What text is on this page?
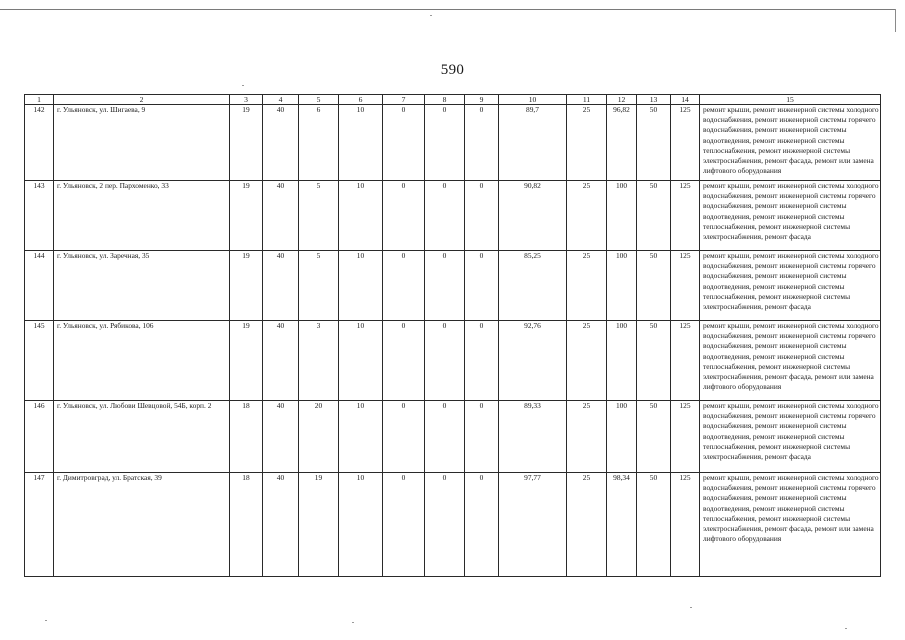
590
1	2	3	4	5	6	7	8	9	10	11	12	13	14	15
142	г. Ульяновск, ул. Шигаева, 9	19	40	6	10	0	0	0	89,7	25	96,82	50	125	ремонт крыши, ремонт инженерной системы холодного водоснабжения, ремонт инженерной системы горячего водоснабжения, ремонт инженерной системы водоотведения, ремонт инженерной системы теплоснабжения, ремонт инженерной системы электроснабжения, ремонт фасада, ремонт или замена лифтового оборудования
143	г. Ульяновск, 2 пер. Пархоменко, 33	19	40	5	10	0	0	0	90,82	25	100	50	125	ремонт крыши, ремонт инженерной системы холодного водоснабжения, ремонт инженерной системы горячего водоснабжения, ремонт инженерной системы водоотведения, ремонт инженерной системы теплоснабжения, ремонт инженерной системы электроснабжения, ремонт фасада
144	г. Ульяновск, ул. Заречная, 35	19	40	5	10	0	0	0	85,25	25	100	50	125	ремонт крыши, ремонт инженерной системы холодного водоснабжения, ремонт инженерной системы горячего водоснабжения, ремонт инженерной системы водоотведения, ремонт инженерной системы теплоснабжения, ремонт инженерной системы электроснабжения, ремонт фасада
145	г. Ульяновск, ул. Рябикова, 106	19	40	3	10	0	0	0	92,76	25	100	50	125	ремонт крыши, ремонт инженерной системы холодного водоснабжения, ремонт инженерной системы горячего водоснабжения, ремонт инженерной системы водоотведения, ремонт инженерной системы теплоснабжения, ремонт инженерной системы электроснабжения, ремонт фасада, ремонт или замена лифтового оборудования
146	г. Ульяновск, ул. Любови Шевцовой, 54Б, корп. 2	18	40	20	10	0	0	0	89,33	25	100	50	125	ремонт крыши, ремонт инженерной системы холодного водоснабжения, ремонт инженерной системы горячего водоснабжения, ремонт инженерной системы водоотведения, ремонт инженерной системы теплоснабжения, ремонт инженерной системы электроснабжения, ремонт фасада
147	г. Димитровград, ул. Братская, 39	18	40	19	10	0	0	0	97,77	25	98,34	50	125	ремонт крыши, ремонт инженерной системы холодного водоснабжения, ремонт инженерной системы горячего водоснабжения, ремонт инженерной системы водоотведения, ремонт инженерной системы теплоснабжения, ремонт инженерной системы электроснабжения, ремонт фасада, ремонт или замена лифтового оборудования
